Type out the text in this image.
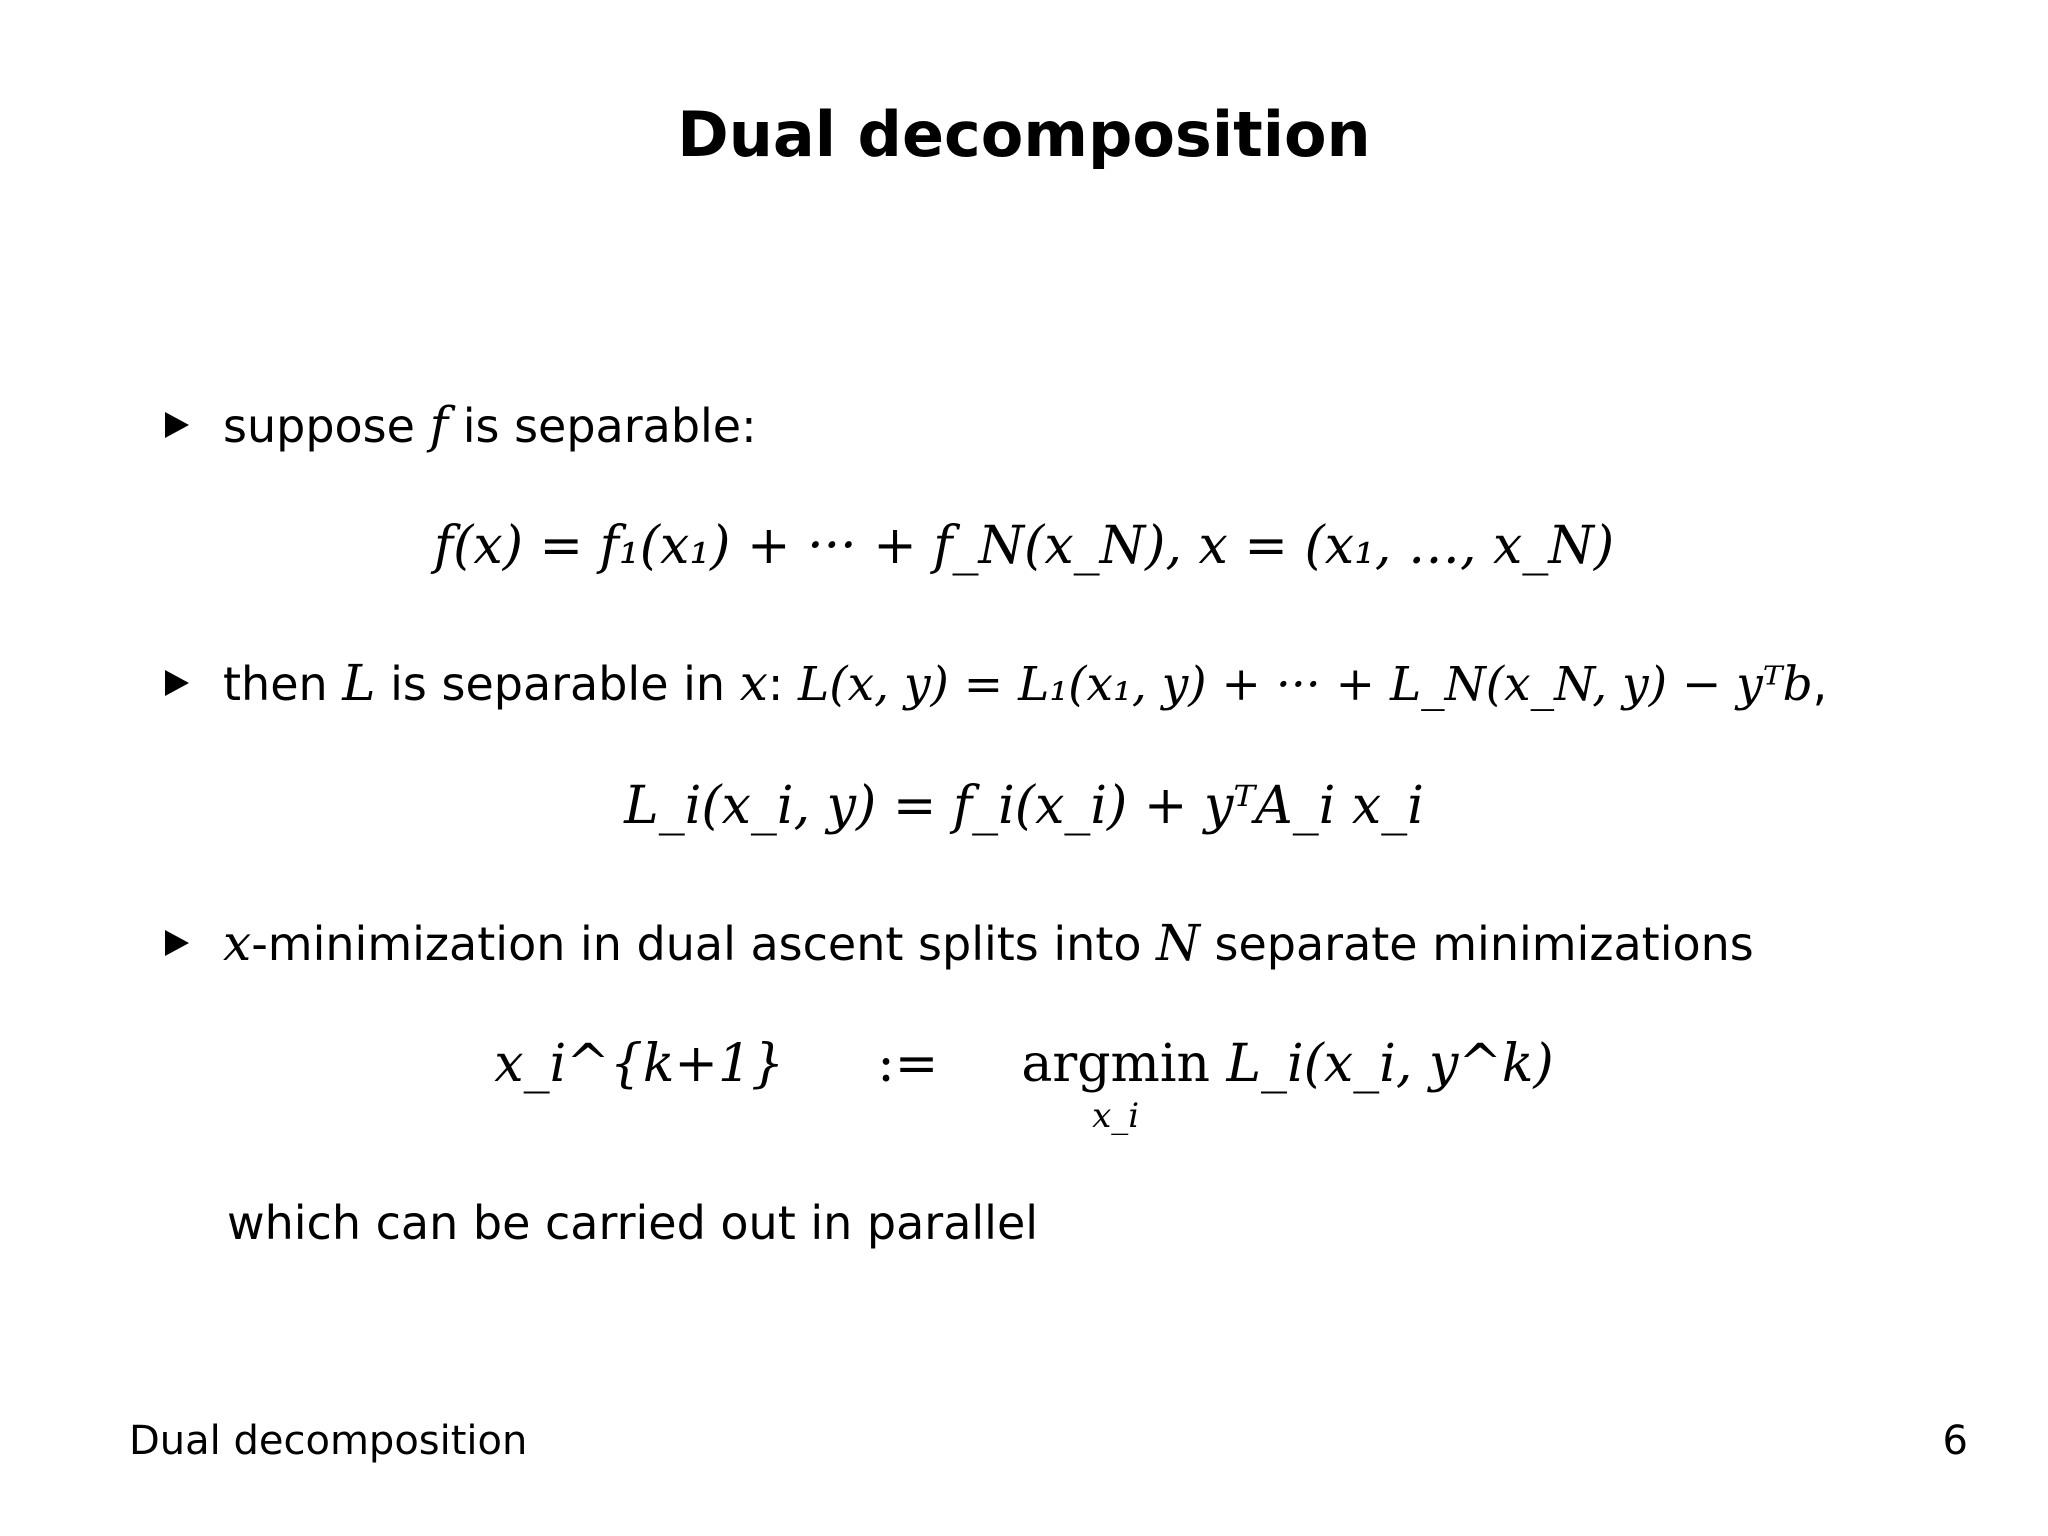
Dual decomposition
suppose f is separable:
f(x) = f₁(x₁) + ··· + f_N(x_N), x = (x₁, …, x_N)
then L is separable in x: L(x, y) = L₁(x₁, y) + ··· + L_N(x_N, y) − yᵀb,
L_i(x_i, y) = f_i(x_i) + yᵀA_i x_i
x-minimization in dual ascent splits into N separate minimizations
x_i^{k+1} := argmin
x_i
L_i(x_i, y^k)
which can be carried out in parallel
Dual decomposition	6
